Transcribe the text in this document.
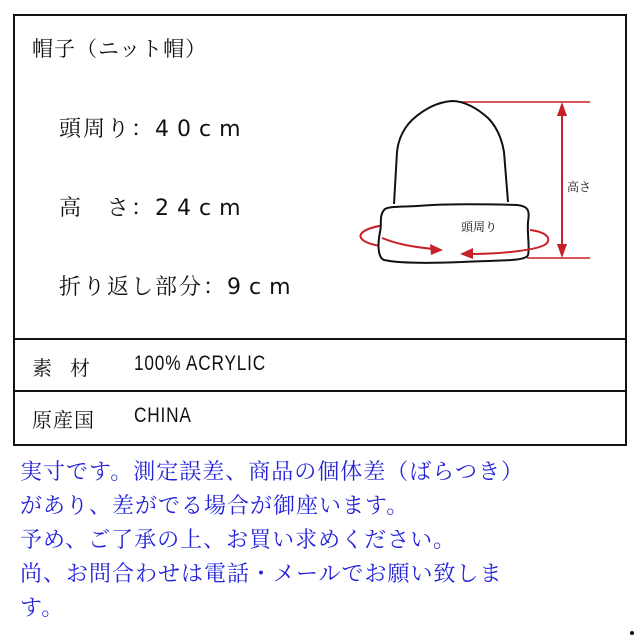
帽子（ニット帽）
頭周り：40cm
高　さ：24cm
折り返し部分：9cm
高さ
頭周り
素材 100% ACRYLIC
原産国 CHINA
実寸です。測定誤差、商品の個体差（ばらつき）
があり、差がでる場合が御座います。
予め、ご了承の上、お買い求めください。
尚、お問合わせは電話・メールでお願い致しま
す。
